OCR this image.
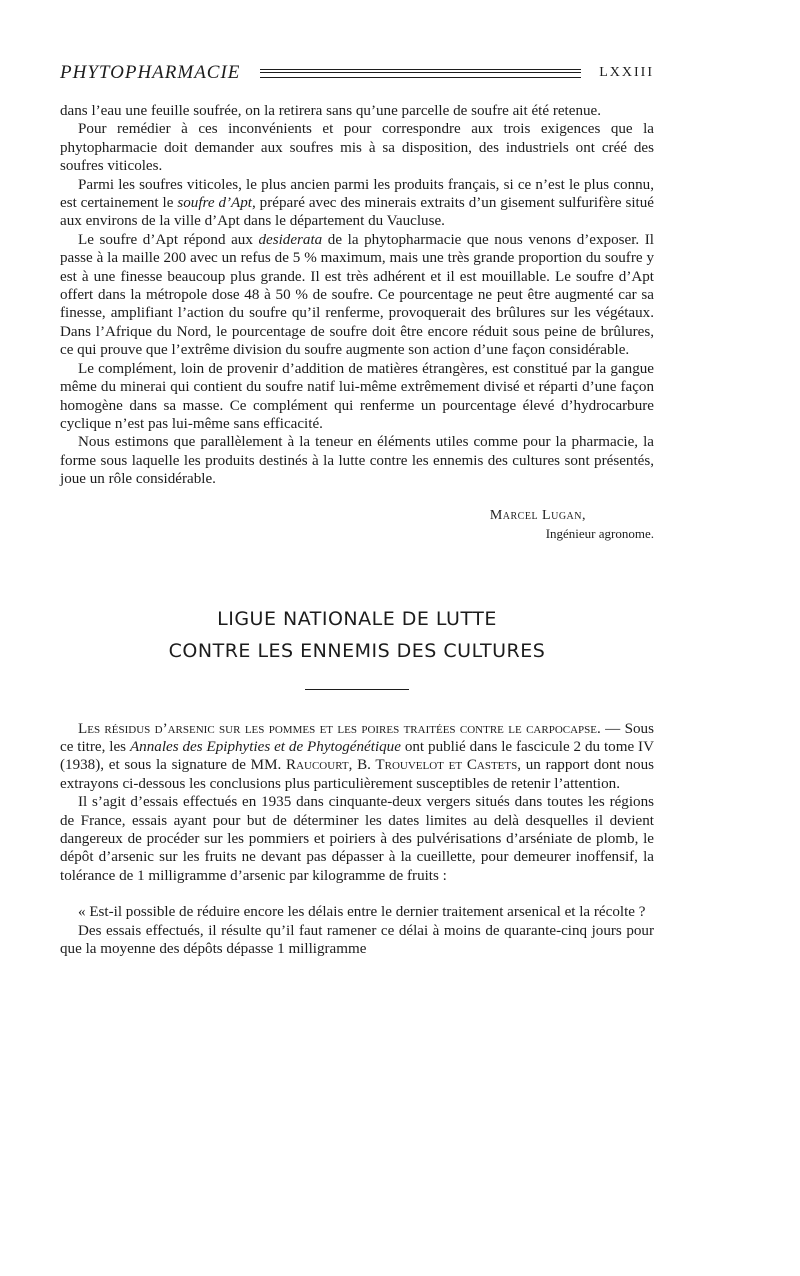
PHYTOPHARMACIE	LXXIII

dans l’eau une feuille soufrée, on la retirera sans qu’une parcelle de soufre ait été retenue.

Pour remédier à ces inconvénients et pour correspondre aux trois exigences que la phytopharmacie doit demander aux soufres mis à sa disposition, des industriels ont créé des soufres viticoles.

Parmi les soufres viticoles, le plus ancien parmi les produits français, si ce n’est le plus connu, est certainement le soufre d’Apt, préparé avec des minerais extraits d’un gisement sulfurifère situé aux environs de la ville d’Apt dans le département du Vaucluse.

Le soufre d’Apt répond aux desiderata de la phytopharmacie que nous venons d’exposer. Il passe à la maille 200 avec un refus de 5 % maximum, mais une très grande proportion du soufre y est à une finesse beaucoup plus grande. Il est très adhérent et il est mouillable. Le soufre d’Apt offert dans la métropole dose 48 à 50 % de soufre. Ce pourcentage ne peut être augmenté car sa finesse, amplifiant l’action du soufre qu’il renferme, provoquerait des brûlures sur les végétaux. Dans l’Afrique du Nord, le pourcentage de soufre doit être encore réduit sous peine de brûlures, ce qui prouve que l’extrême division du soufre augmente son action d’une façon considérable.

Le complément, loin de provenir d’addition de matières étrangères, est constitué par la gangue même du minerai qui contient du soufre natif lui-même extrêmement divisé et réparti d’une façon homogène dans sa masse. Ce complément qui renferme un pourcentage élevé d’hydrocarbure cyclique n’est pas lui-même sans efficacité.

Nous estimons que parallèlement à la teneur en éléments utiles comme pour la pharmacie, la forme sous laquelle les produits destinés à la lutte contre les ennemis des cultures sont présentés, joue un rôle considérable.

Marcel Lugan,
Ingénieur agronome.
LIGUE NATIONALE DE LUTTE
CONTRE LES ENNEMIS DES CULTURES

Les résidus d’arsenic sur les pommes et les poires traitées contre le carpocapse. — Sous ce titre, les Annales des Epiphyties et de Phytogénétique ont publié dans le fascicule 2 du tome IV (1938), et sous la signature de MM. Raucourt, B. Trouvelot et Castets, un rapport dont nous extrayons ci-dessous les conclusions plus particulièrement susceptibles de retenir l’attention.

Il s’agit d’essais effectués en 1935 dans cinquante-deux vergers situés dans toutes les régions de France, essais ayant pour but de déterminer les dates limites au delà desquelles il devient dangereux de procéder sur les pommiers et poiriers à des pulvérisations d’arséniate de plomb, le dépôt d’arsenic sur les fruits ne devant pas dépasser à la cueillette, pour demeurer inoffensif, la tolérance de 1 milligramme d’arsenic par kilogramme de fruits :

« Est-il possible de réduire encore les délais entre le dernier traitement arsenical et la récolte ?

Des essais effectués, il résulte qu’il faut ramener ce délai à moins de quarante-cinq jours pour que la moyenne des dépôts dépasse 1 milligramme
